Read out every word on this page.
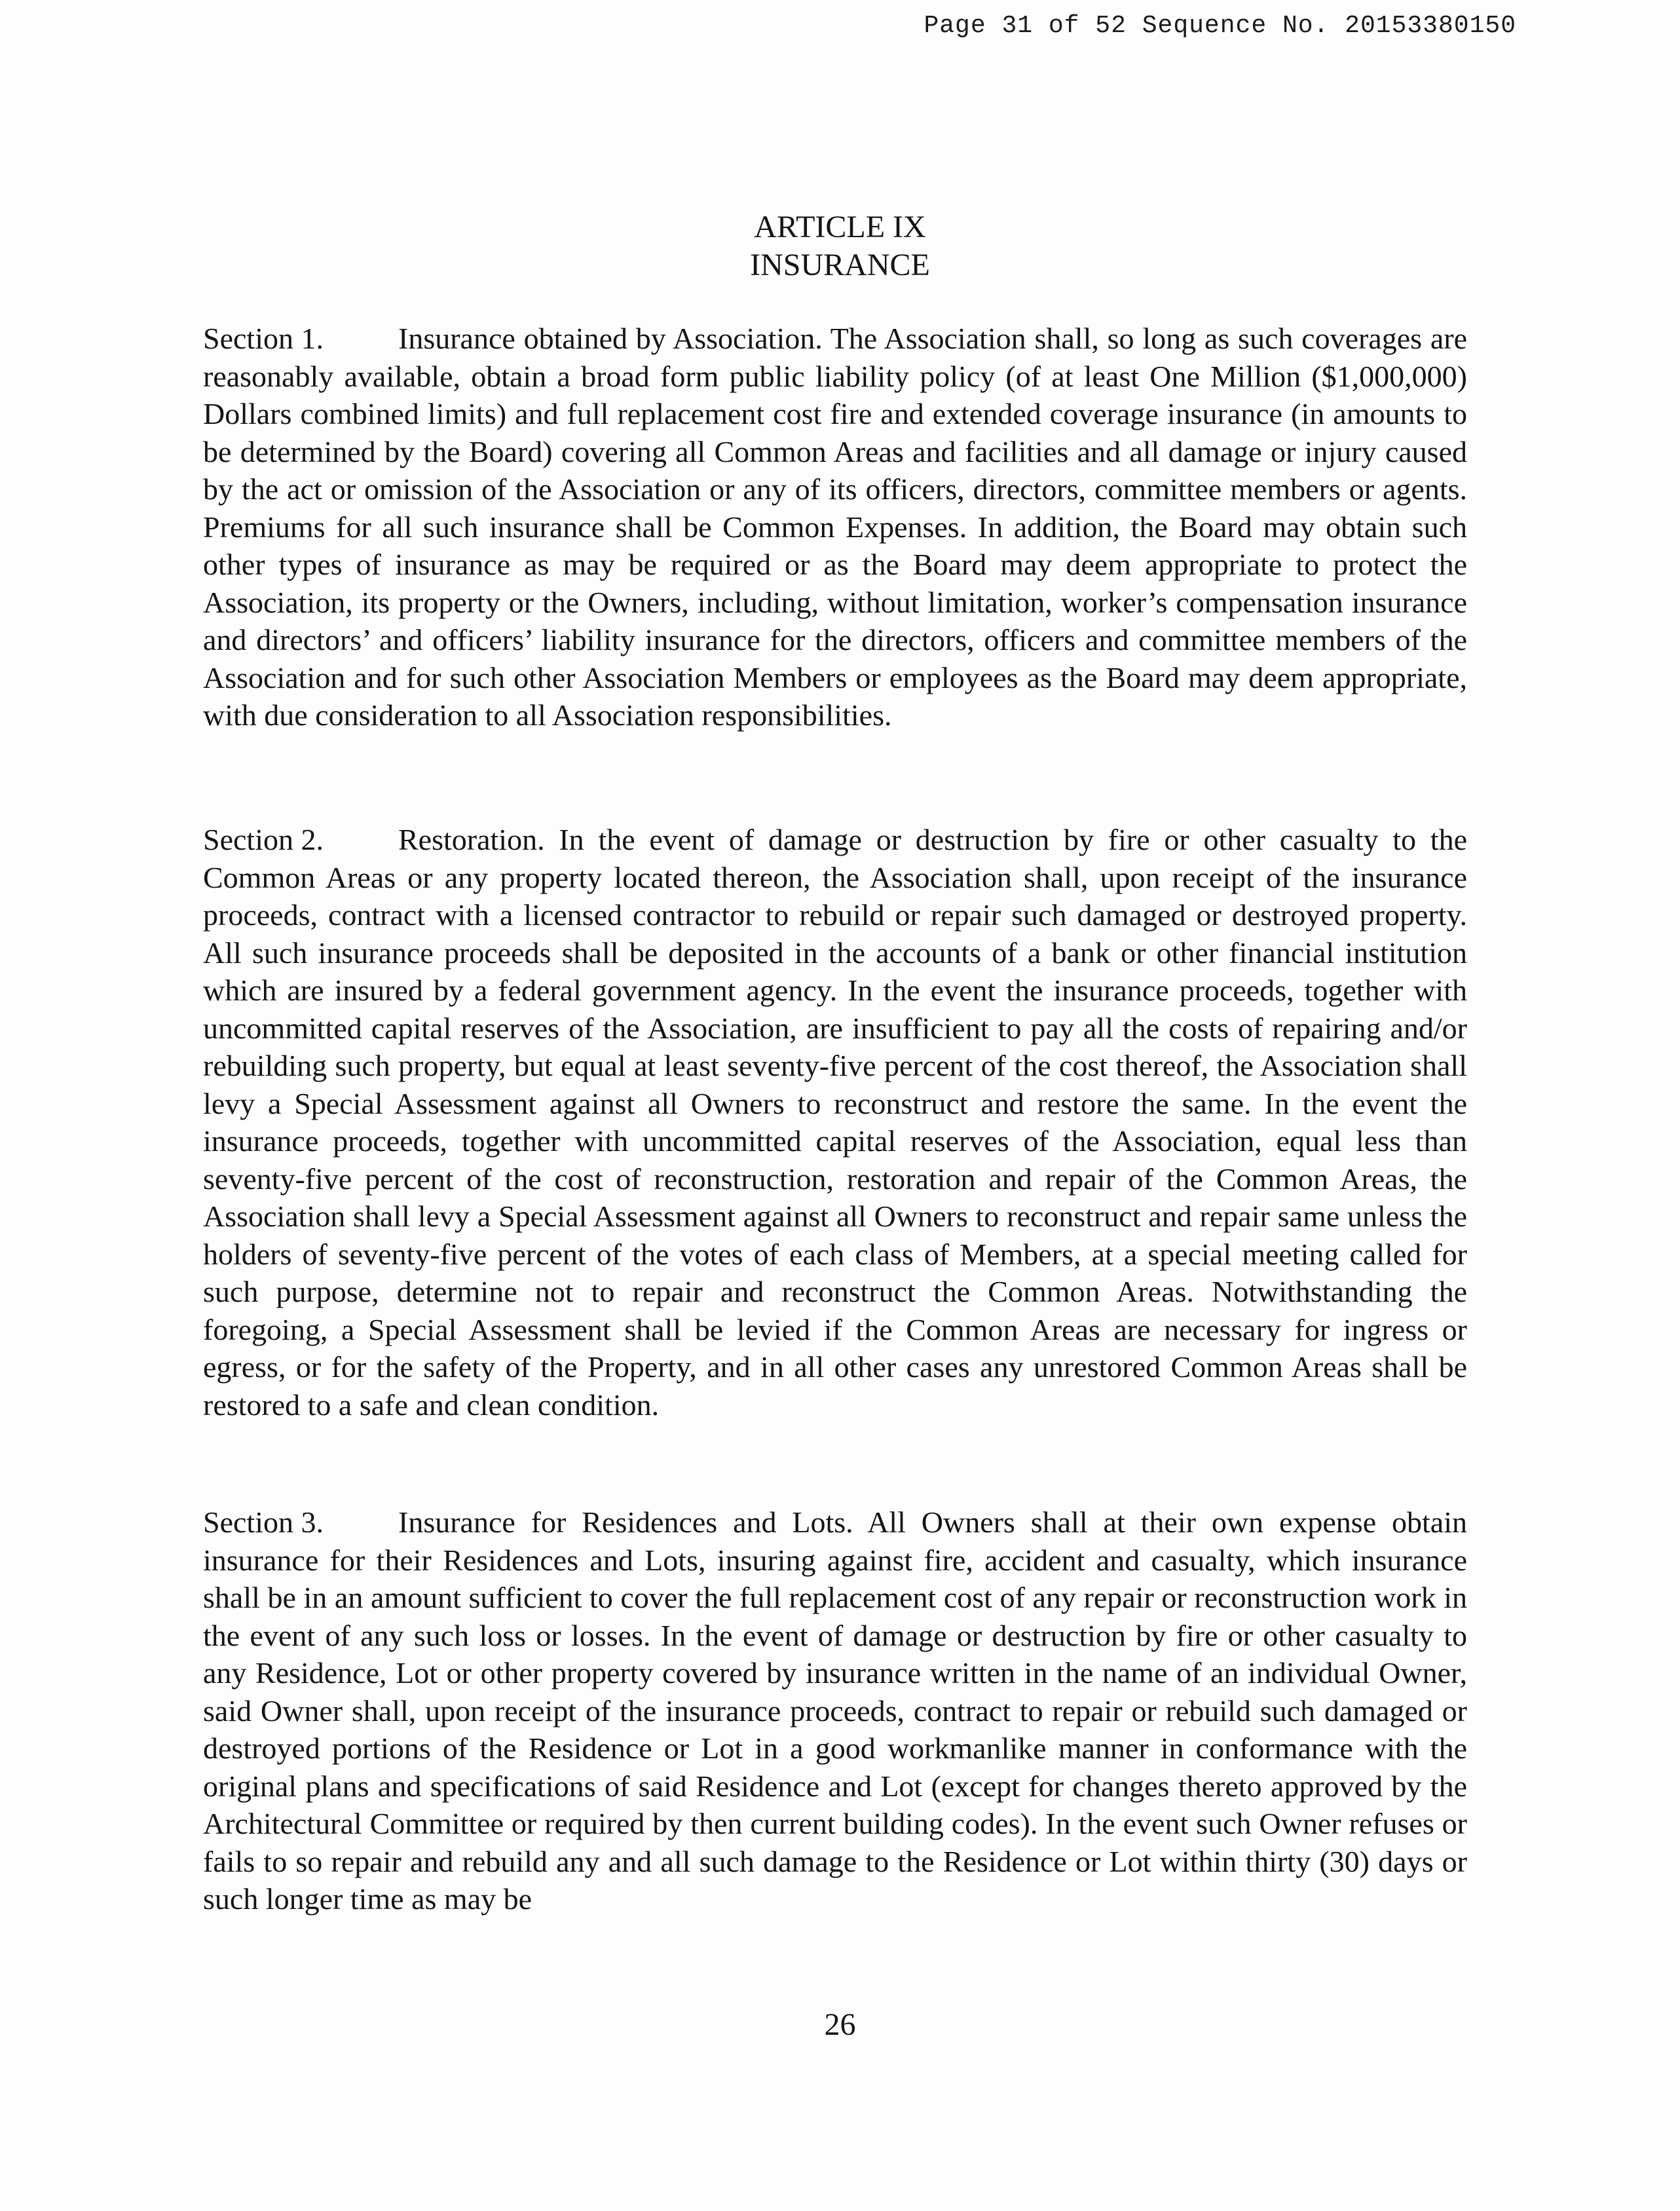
Page 31 of 52 Sequence No. 20153380150
ARTICLE IX
INSURANCE

Section 1. Insurance obtained by Association. The Association shall, so long as such coverages are reasonably available, obtain a broad form public liability policy (of at least One Million ($1,000,000) Dollars combined limits) and full replacement cost fire and extended coverage insurance (in amounts to be determined by the Board) covering all Common Areas and facilities and all damage or injury caused by the act or omission of the Association or any of its officers, directors, committee members or agents. Premiums for all such insurance shall be Common Expenses. In addition, the Board may obtain such other types of insurance as may be required or as the Board may deem appropriate to protect the Association, its property or the Owners, including, without limitation, worker’s compensation insurance and directors’ and officers’ liability insurance for the directors, officers and committee members of the Association and for such other Association Members or employees as the Board may deem appropriate, with due consideration to all Association responsibilities.

Section 2. Restoration. In the event of damage or destruction by fire or other casualty to the Common Areas or any property located thereon, the Association shall, upon receipt of the insurance proceeds, contract with a licensed contractor to rebuild or repair such damaged or destroyed property. All such insurance proceeds shall be deposited in the accounts of a bank or other financial institution which are insured by a federal government agency. In the event the insurance proceeds, together with uncommitted capital reserves of the Association, are insufficient to pay all the costs of repairing and/or rebuilding such property, but equal at least seventy-five percent of the cost thereof, the Association shall levy a Special Assessment against all Owners to reconstruct and restore the same. In the event the insurance proceeds, together with uncommitted capital reserves of the Association, equal less than seventy-five percent of the cost of reconstruction, restoration and repair of the Common Areas, the Association shall levy a Special Assessment against all Owners to reconstruct and repair same unless the holders of seventy-five percent of the votes of each class of Members, at a special meeting called for such purpose, determine not to repair and reconstruct the Common Areas. Notwithstanding the foregoing, a Special Assessment shall be levied if the Common Areas are necessary for ingress or egress, or for the safety of the Property, and in all other cases any unrestored Common Areas shall be restored to a safe and clean condition.

Section 3. Insurance for Residences and Lots. All Owners shall at their own expense obtain insurance for their Residences and Lots, insuring against fire, accident and casualty, which insurance shall be in an amount sufficient to cover the full replacement cost of any repair or reconstruction work in the event of any such loss or losses. In the event of damage or destruction by fire or other casualty to any Residence, Lot or other property covered by insurance written in the name of an individual Owner, said Owner shall, upon receipt of the insurance proceeds, contract to repair or rebuild such damaged or destroyed portions of the Residence or Lot in a good workmanlike manner in conformance with the original plans and specifications of said Residence and Lot (except for changes thereto approved by the Architectural Committee or required by then current building codes). In the event such Owner refuses or fails to so repair and rebuild any and all such damage to the Residence or Lot within thirty (30) days or such longer time as may be

26
